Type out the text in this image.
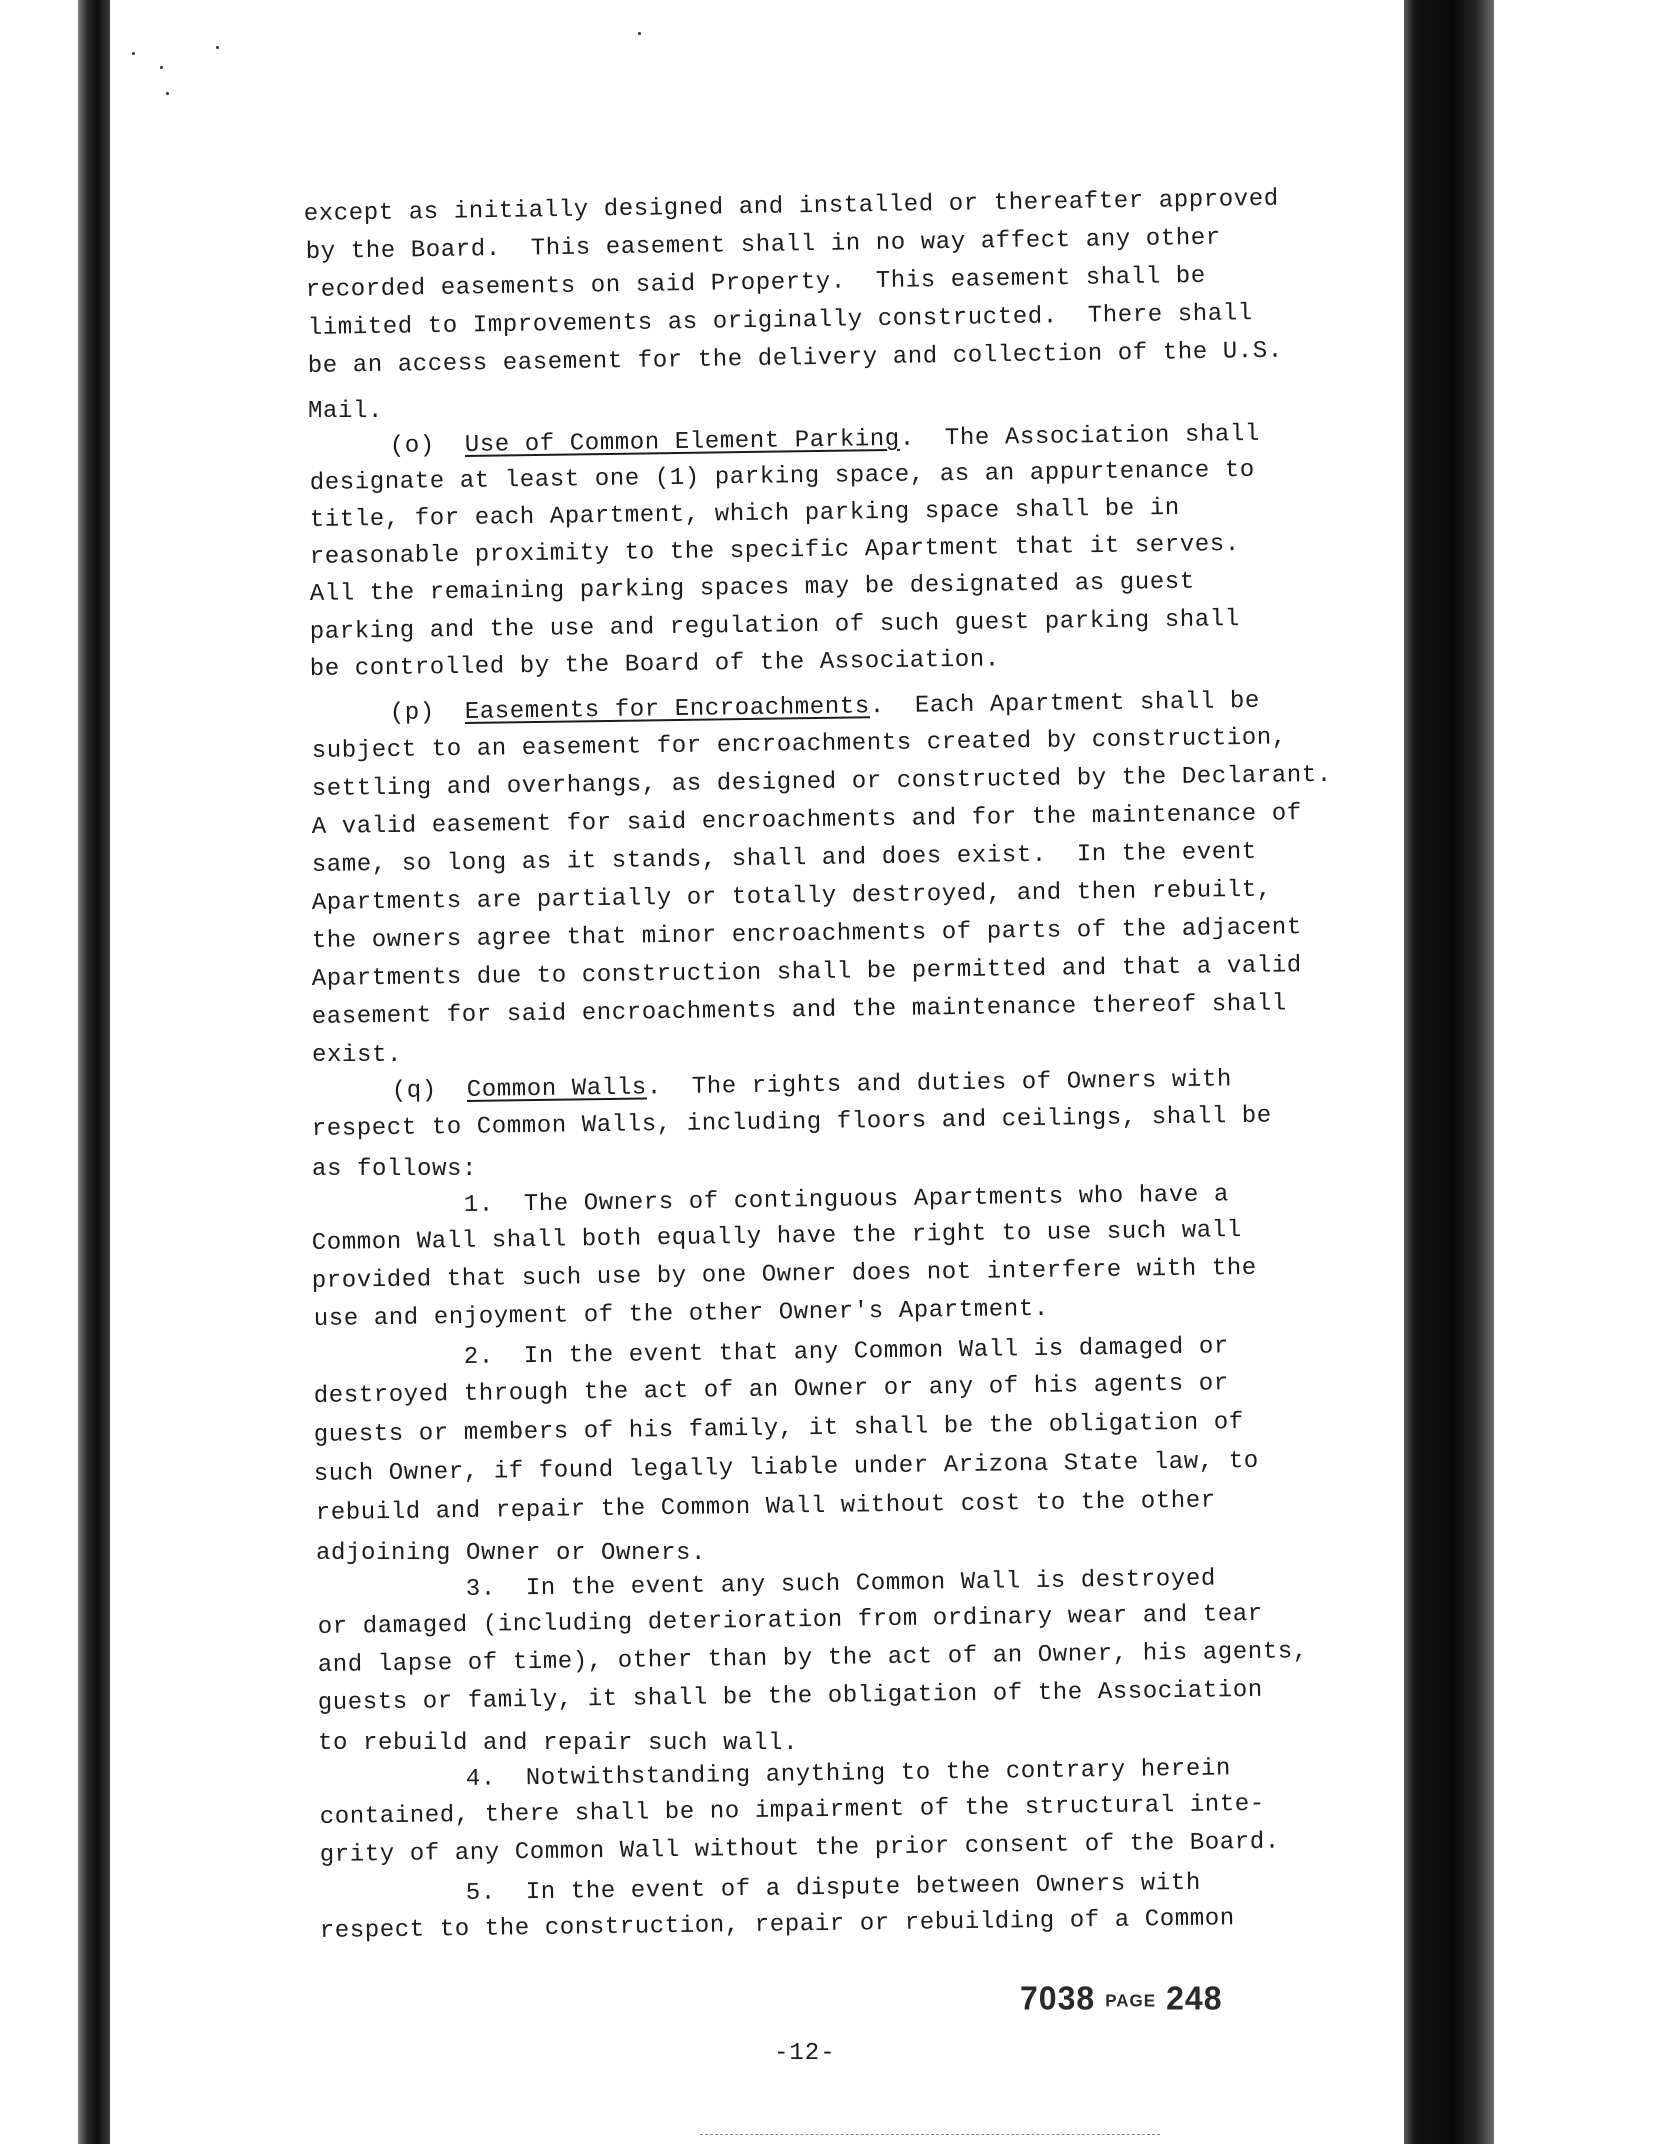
except as initially designed and installed or thereafter approved
by the Board.  This easement shall in no way affect any other
recorded easements on said Property.  This easement shall be
limited to Improvements as originally constructed.  There shall
be an access easement for the delivery and collection of the U.S.
Mail.
(o) Use of Common Element Parking.  The Association shall
designate at least one (1) parking space, as an appurtenance to
title, for each Apartment, which parking space shall be in
reasonable proximity to the specific Apartment that it serves.
All the remaining parking spaces may be designated as guest
parking and the use and regulation of such guest parking shall
be controlled by the Board of the Association.
(p) Easements for Encroachments.  Each Apartment shall be
subject to an easement for encroachments created by construction,
settling and overhangs, as designed or constructed by the Declarant.
A valid easement for said encroachments and for the maintenance of
same, so long as it stands, shall and does exist.  In the event
Apartments are partially or totally destroyed, and then rebuilt,
the owners agree that minor encroachments of parts of the adjacent
Apartments due to construction shall be permitted and that a valid
easement for said encroachments and the maintenance thereof shall
exist.
(q) Common Walls.  The rights and duties of Owners with
respect to Common Walls, including floors and ceilings, shall be
as follows:
1. The Owners of continguous Apartments who have a
Common Wall shall both equally have the right to use such wall
provided that such use by one Owner does not interfere with the
use and enjoyment of the other Owner's Apartment.
2. In the event that any Common Wall is damaged or
destroyed through the act of an Owner or any of his agents or
guests or members of his family, it shall be the obligation of
such Owner, if found legally liable under Arizona State law, to
rebuild and repair the Common Wall without cost to the other
adjoining Owner or Owners.
3. In the event any such Common Wall is destroyed
or damaged (including deterioration from ordinary wear and tear
and lapse of time), other than by the act of an Owner, his agents,
guests or family, it shall be the obligation of the Association
to rebuild and repair such wall.
4. Notwithstanding anything to the contrary herein
contained, there shall be no impairment of the structural inte-
grity of any Common Wall without the prior consent of the Board.
5. In the event of a dispute between Owners with
respect to the construction, repair or rebuilding of a Common
7038 PAGE 248
-12-
